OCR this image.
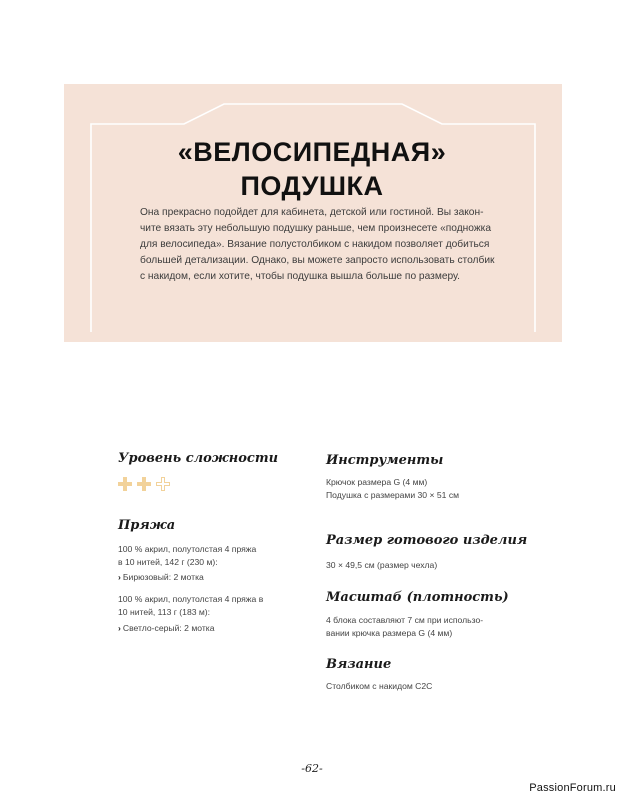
«ВЕЛОСИПЕДНАЯ»
ПОДУШКА
Она прекрасно подойдет для кабинета, детской или гостиной. Вы закон-
чите вязать эту небольшую подушку раньше, чем произнесете «подножка
для велосипеда». Вязание полустолбиком с накидом позволяет добиться
большей детализации. Однако, вы можете запросто использовать столбик
с накидом, если хотите, чтобы подушка вышла больше по размеру.
Уровень сложности
Пряжа
100 % акрил, полутолстая 4 пряжа
в 10 нитей, 142 г (230 м):
› Бирюзовый: 2 мотка
100 % акрил, полутолстая 4 пряжа в
10 нитей, 113 г (183 м):
› Светло-серый: 2 мотка
Инструменты
Крючок размера G (4 мм)
Подушка с размерами 30 × 51 см
Размер готового изделия
30 × 49,5 см (размер чехла)
Масштаб (плотность)
4 блока составляют 7 см при использо-
вании крючка размера G (4 мм)
Вязание
Столбиком с накидом C2C
-62-
PassionForum.ru
